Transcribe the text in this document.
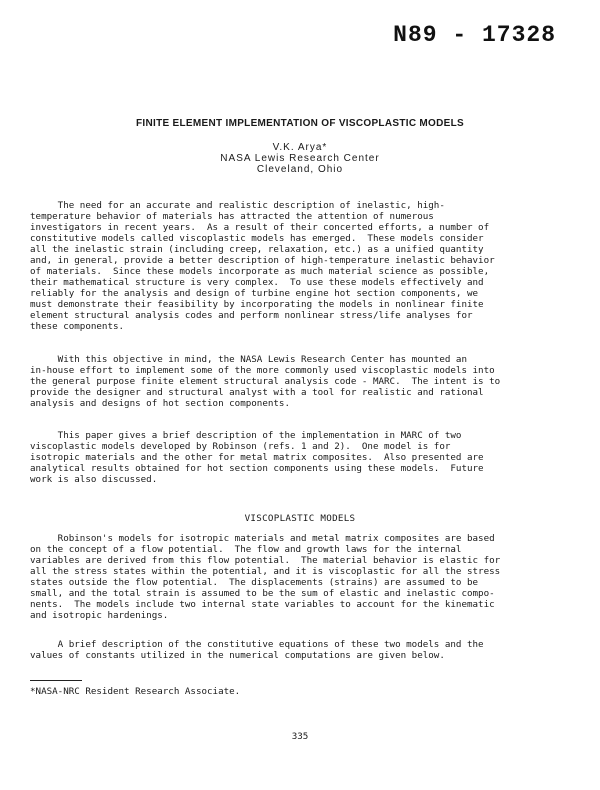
N89 - 17328
FINITE ELEMENT IMPLEMENTATION OF VISCOPLASTIC MODELS
V.K. Arya*
NASA Lewis Research Center
Cleveland, Ohio
The need for an accurate and realistic description of inelastic, high-
temperature behavior of materials has attracted the attention of numerous
investigators in recent years.  As a result of their concerted efforts, a number of
constitutive models called viscoplastic models has emerged.  These models consider
all the inelastic strain (including creep, relaxation, etc.) as a unified quantity
and, in general, provide a better description of high-temperature inelastic behavior
of materials.  Since these models incorporate as much material science as possible,
their mathematical structure is very complex.  To use these models effectively and
reliably for the analysis and design of turbine engine hot section components, we
must demonstrate their feasibility by incorporating the models in nonlinear finite
element structural analysis codes and perform nonlinear stress/life analyses for
these components.
With this objective in mind, the NASA Lewis Research Center has mounted an
in-house effort to implement some of the more commonly used viscoplastic models into
the general purpose finite element structural analysis code - MARC.  The intent is to
provide the designer and structural analyst with a tool for realistic and rational
analysis and designs of hot section components.
This paper gives a brief description of the implementation in MARC of two
viscoplastic models developed by Robinson (refs. 1 and 2).  One model is for
isotropic materials and the other for metal matrix composites.  Also presented are
analytical results obtained for hot section components using these models.  Future
work is also discussed.
VISCOPLASTIC MODELS
Robinson's models for isotropic materials and metal matrix composites are based
on the concept of a flow potential.  The flow and growth laws for the internal
variables are derived from this flow potential.  The material behavior is elastic for
all the stress states within the potential, and it is viscoplastic for all the stress
states outside the flow potential.  The displacements (strains) are assumed to be
small, and the total strain is assumed to be the sum of elastic and inelastic compo-
nents.  The models include two internal state variables to account for the kinematic
and isotropic hardenings.
A brief description of the constitutive equations of these two models and the
values of constants utilized in the numerical computations are given below.
*NASA-NRC Resident Research Associate.
335
